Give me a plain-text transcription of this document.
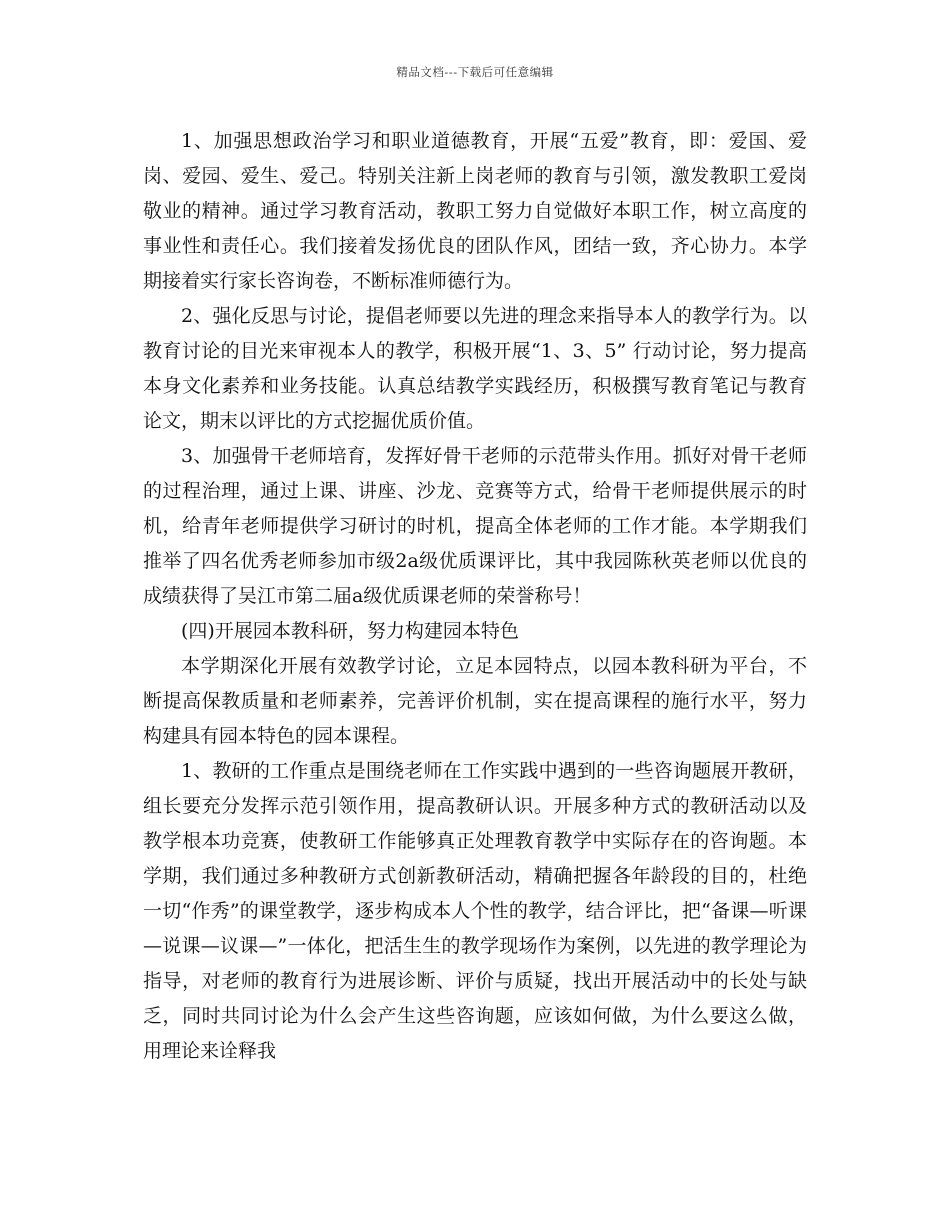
精品文档---下载后可任意编辑

1、加强思想政治学习和职业道德教育，开展“五爱”教育，即：爱国、爱岗、爱园、爱生、爱己。特别关注新上岗老师的教育与引领，激发教职工爱岗敬业的精神。通过学习教育活动，教职工努力自觉做好本职工作，树立高度的事业性和责任心。我们接着发扬优良的团队作风，团结一致，齐心协力。本学期接着实行家长咨询卷，不断标准师德行为。

2、强化反思与讨论，提倡老师要以先进的理念来指导本人的教学行为。以教育讨论的目光来审视本人的教学，积极开展“1、3、5” 行动讨论，努力提高本身文化素养和业务技能。认真总结教学实践经历，积极撰写教育笔记与教育论文，期末以评比的方式挖掘优质价值。

3、加强骨干老师培育，发挥好骨干老师的示范带头作用。抓好对骨干老师的过程治理，通过上课、讲座、沙龙、竞赛等方式，给骨干老师提供展示的时机，给青年老师提供学习研讨的时机，提高全体老师的工作才能。本学期我们推举了四名优秀老师参加市级2a级优质课评比，其中我园陈秋英老师以优良的成绩获得了吴江市第二届a级优质课老师的荣誉称号！

(四)开展园本教科研，努力构建园本特色

本学期深化开展有效教学讨论，立足本园特点，以园本教科研为平台，不断提高保教质量和老师素养，完善评价机制，实在提高课程的施行水平，努力构建具有园本特色的园本课程。

1、教研的工作重点是围绕老师在工作实践中遇到的一些咨询题展开教研，组长要充分发挥示范引领作用，提高教研认识。开展多种方式的教研活动以及教学根本功竞赛，使教研工作能够真正处理教育教学中实际存在的咨询题。本学期，我们通过多种教研方式创新教研活动，精确把握各年龄段的目的，杜绝一切“作秀”的课堂教学，逐步构成本人个性的教学，结合评比，把“备课—听课—说课—议课—”一体化，把活生生的教学现场作为案例，以先进的教学理论为指导，对老师的教育行为进展诊断、评价与质疑，找出开展活动中的长处与缺乏，同时共同讨论为什么会产生这些咨询题，应该如何做，为什么要这么做，用理论来诠释我
